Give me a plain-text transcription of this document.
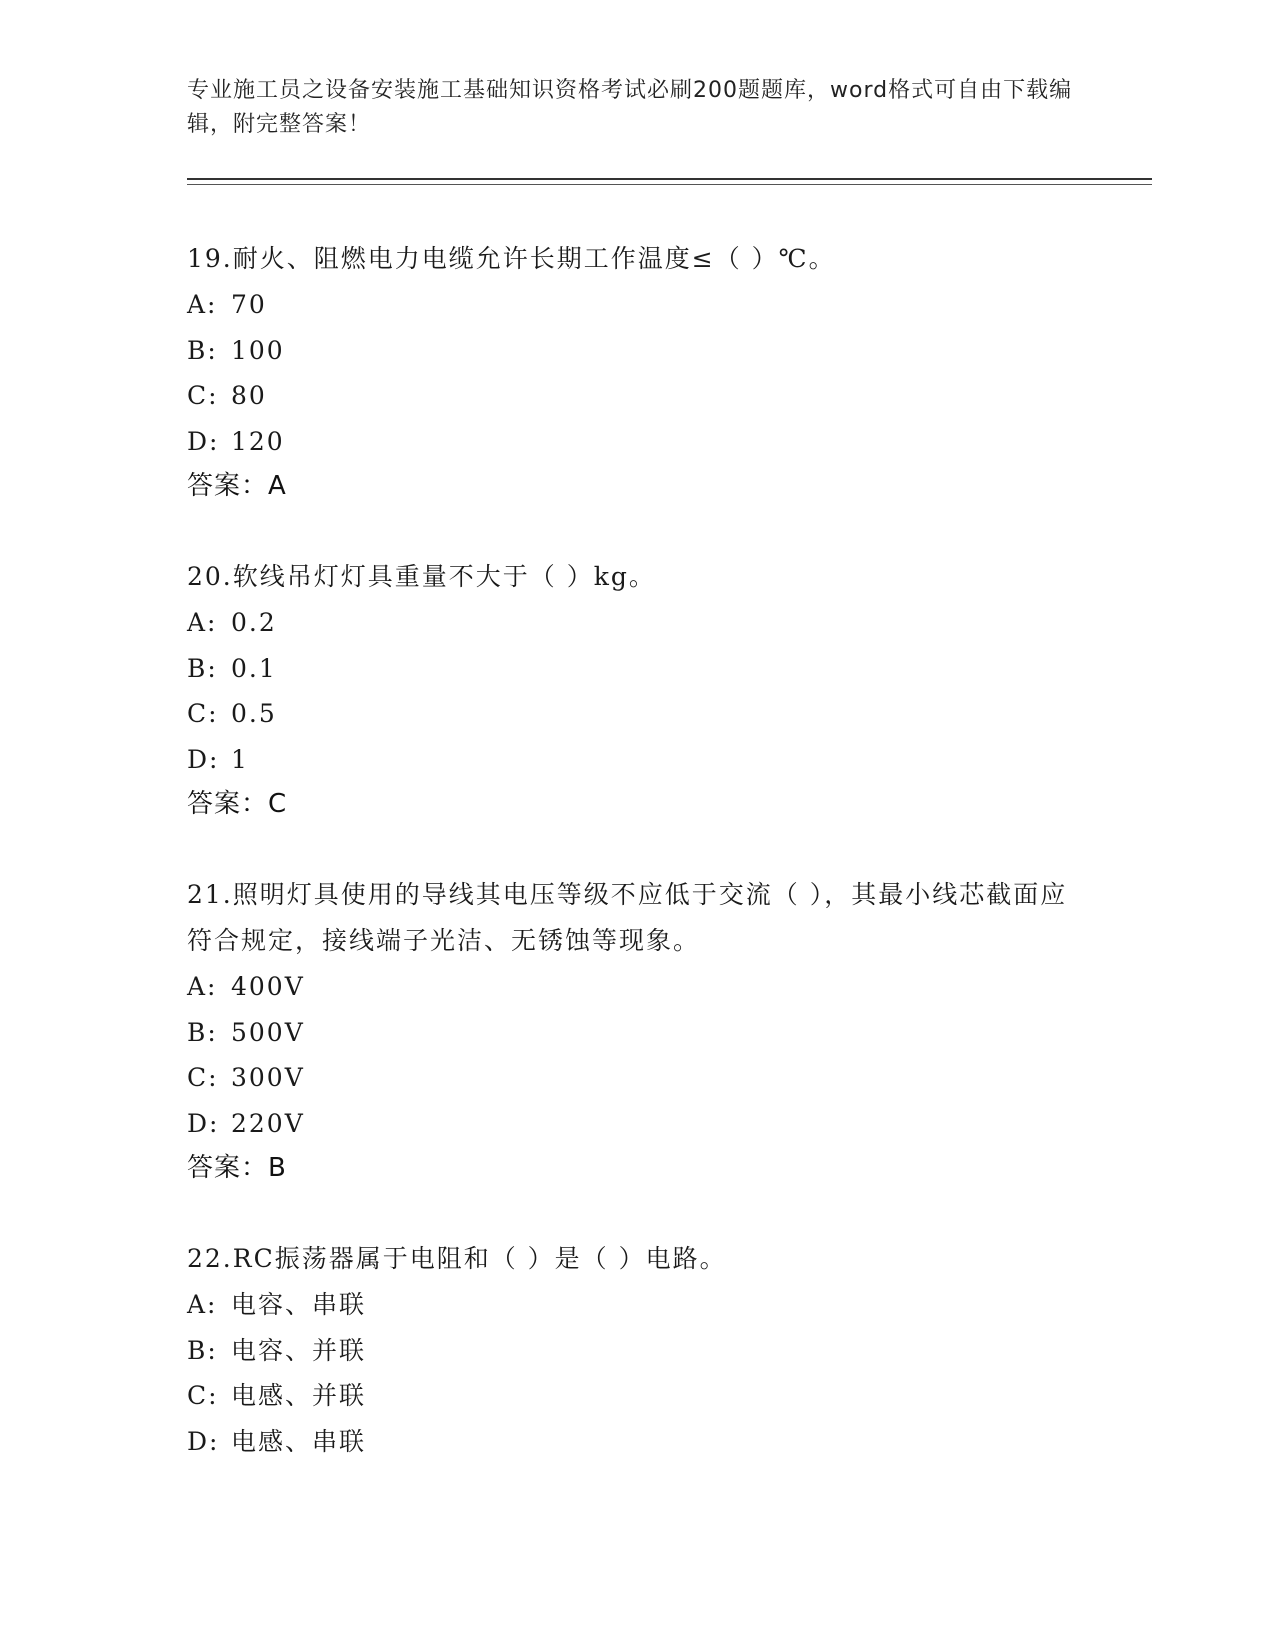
专业施工员之设备安装施工基础知识资格考试必刷200题题库，word格式可自由下载编辑，附完整答案！
19.耐火、阻燃电力电缆允许长期工作温度≤（ ）℃。
A: 70
B: 100
C: 80
D: 120
答案：A
20.软线吊灯灯具重量不大于（ ）kg。
A: 0.2
B: 0.1
C: 0.5
D: 1
答案：C
21.照明灯具使用的导线其电压等级不应低于交流（ ），其最小线芯截面应符合规定，接线端子光洁、无锈蚀等现象。
A: 400V
B: 500V
C: 300V
D: 220V
答案：B
22.RC振荡器属于电阻和（ ）是（ ）电路。
A: 电容、串联
B: 电容、并联
C: 电感、并联
D: 电感、串联
